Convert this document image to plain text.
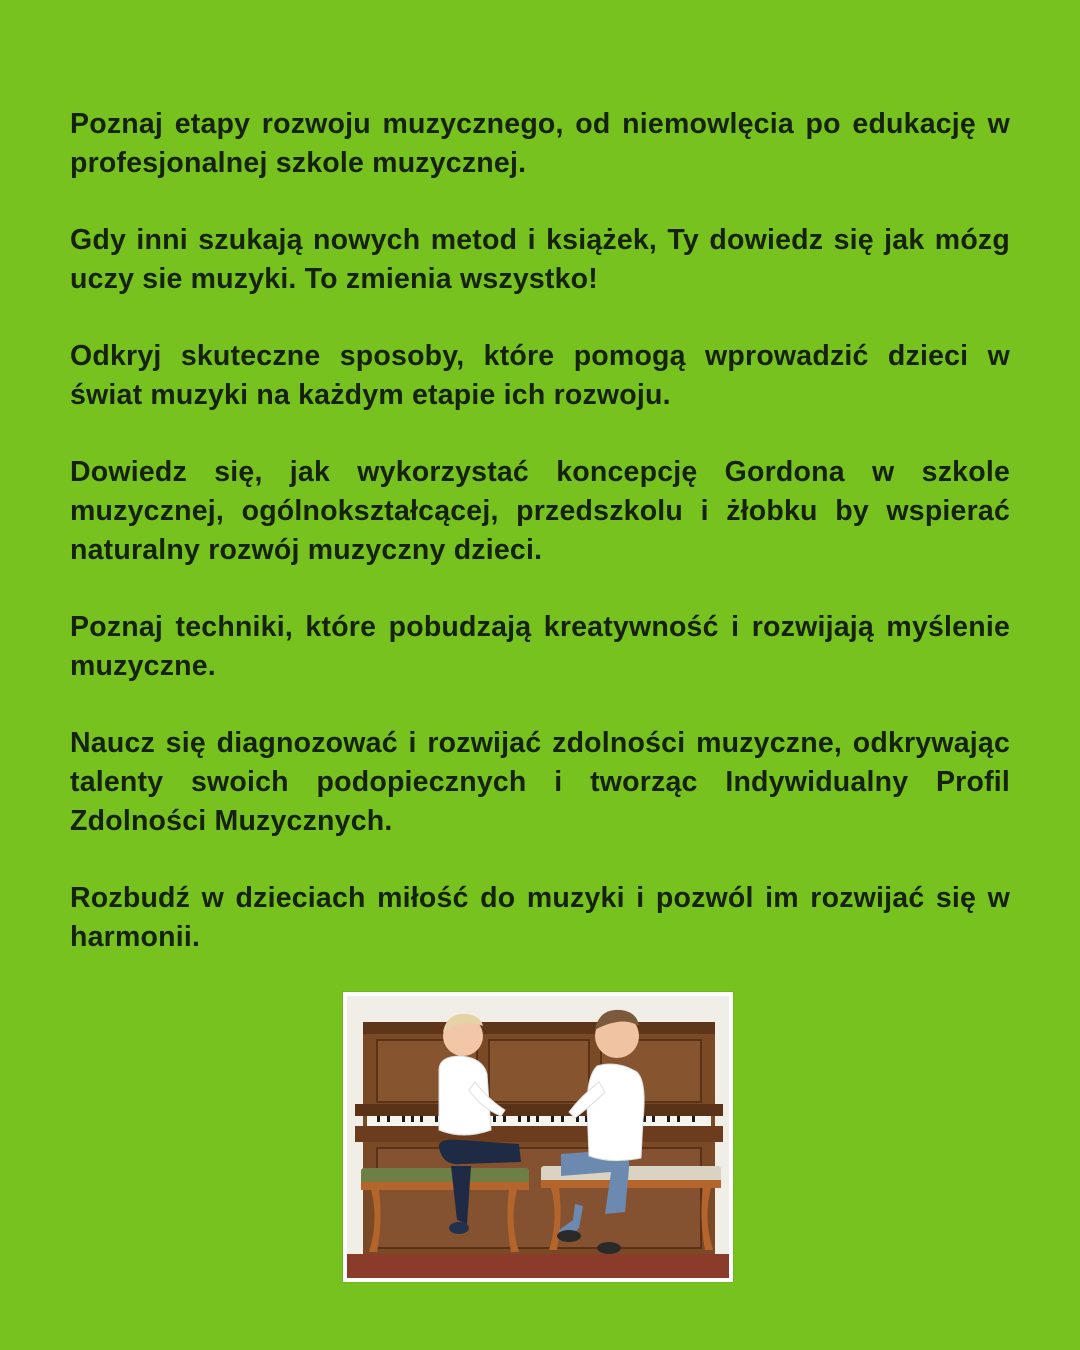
Poznaj etapy rozwoju muzycznego, od niemowlęcia po edukację w profesjonalnej szkole muzycznej.

Gdy inni szukają nowych metod i książek, Ty dowiedz się jak mózg uczy sie muzyki. To zmienia wszystko!

Odkryj skuteczne sposoby, które pomogą wprowadzić dzieci w świat muzyki na każdym etapie ich rozwoju.

Dowiedz się, jak wykorzystać koncepcję Gordona w szkole muzycznej, ogólnokształcącej, przedszkolu i żłobku by wspierać naturalny rozwój muzyczny dzieci.

Poznaj techniki, które pobudzają kreatywność i rozwijają myślenie muzyczne.

Naucz się diagnozować i rozwijać zdolności muzyczne, odkrywając talenty swoich podopiecznych i tworząc Indywidualny Profil Zdolności Muzycznych.

Rozbudź w dzieciach miłość do muzyki i pozwól im rozwijać się w harmonii.
